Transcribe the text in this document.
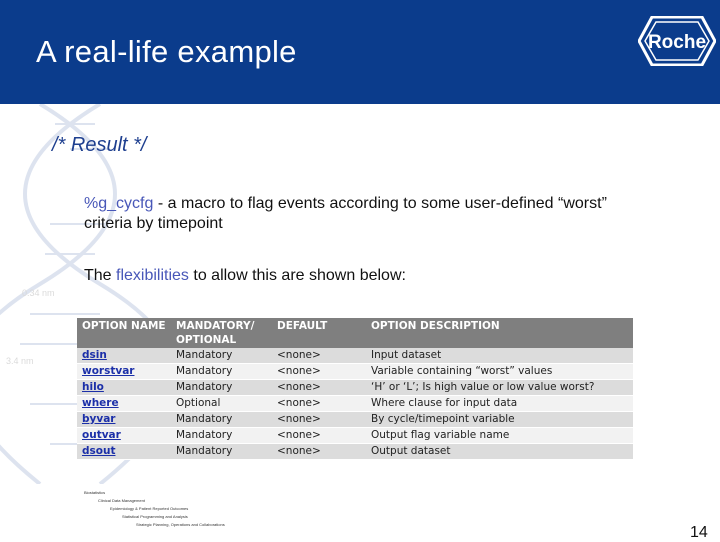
A real-life example	Roche
0.34 nm
3.4 nm
/* Result */
%g_cycfg - a macro to flag events according to some user-defined “worst” criteria by timepoint
The flexibilities to allow this are shown below:
OPTION NAME	MANDATORY/ OPTIONAL	DEFAULT	OPTION DESCRIPTION
dsin	Mandatory	<none>	Input dataset
worstvar	Mandatory	<none>	Variable containing “worst” values
hilo	Mandatory	<none>	‘H’ or ‘L’; Is high value or low value worst?
where	Optional	<none>	Where clause for input data
byvar	Mandatory	<none>	By cycle/timepoint variable
outvar	Mandatory	<none>	Output flag variable name
dsout	Mandatory	<none>	Output dataset
Biostatistics
Clinical Data Management
Epidemiology & Patient Reported Outcomes
Statistical Programming and Analysis
Strategic Planning, Operations and Collaborations	14
